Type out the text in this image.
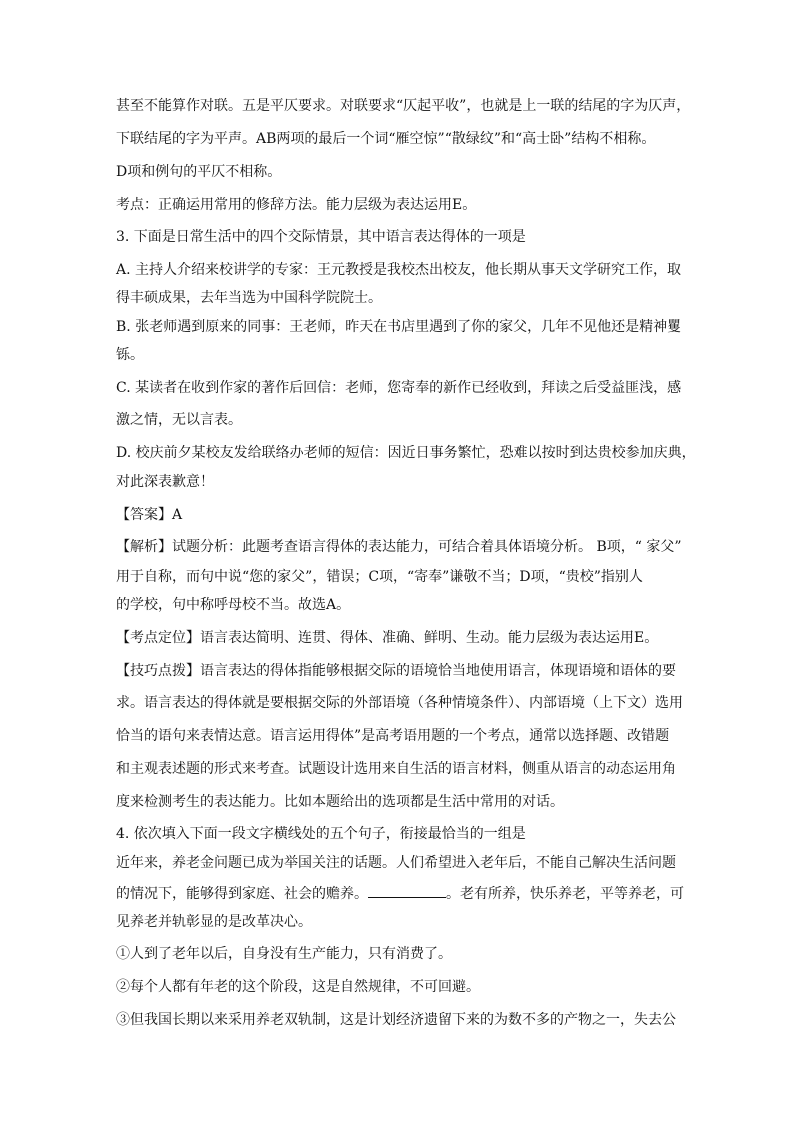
甚至不能算作对联。五是平仄要求。对联要求“仄起平收”，也就是上一联的结尾的字为仄声，
下联结尾的字为平声。AB两项的最后一个词“雁空惊”“散绿纹”和“高士卧”结构不相称。
D项和例句的平仄不相称。
考点：正确运用常用的修辞方法。能力层级为表达运用E。
3. 下面是日常生活中的四个交际情景，其中语言表达得体的一项是
A. 主持人介绍来校讲学的专家：王元教授是我校杰出校友，他长期从事天文学研究工作，取
得丰硕成果，去年当选为中国科学院院士。
B. 张老师遇到原来的同事：王老师，昨天在书店里遇到了你的家父，几年不见他还是精神矍
铄。
C. 某读者在收到作家的著作后回信：老师，您寄奉的新作已经收到，拜读之后受益匪浅，感
激之情，无以言表。
D. 校庆前夕某校友发给联络办老师的短信：因近日事务繁忙，恐难以按时到达贵校参加庆典，
对此深表歉意！
【答案】A
【解析】试题分析：此题考查语言得体的表达能力，可结合着具体语境分析。 B项，“ 家父”
用于自称，而句中说“您的家父”，错误；C项，“寄奉”谦敬不当；D项，“贵校”指别人
的学校，句中称呼母校不当。故选A。
【考点定位】语言表达简明、连贯、得体、准确、鲜明、生动。能力层级为表达运用E。
【技巧点拨】语言表达的得体指能够根据交际的语境恰当地使用语言，体现语境和语体的要
求。语言表达的得体就是要根据交际的外部语境（各种情境条件）、内部语境（上下文）选用
恰当的语句来表情达意。语言运用得体”是高考语用题的一个考点，通常以选择题、改错题
和主观表述题的形式来考查。试题设计选用来自生活的语言材料，侧重从语言的动态运用角
度来检测考生的表达能力。比如本题给出的选项都是生活中常用的对话。
4. 依次填入下面一段文字横线处的五个句子，衔接最恰当的一组是
近年来，养老金问题已成为举国关注的话题。人们希望进入老年后，不能自己解决生活问题
的情况下，能够得到家庭、社会的赡养。	。老有所养，快乐养老，平等养老，可
见养老并轨彰显的是改革决心。
①人到了老年以后，自身没有生产能力，只有消费了。
②每个人都有年老的这个阶段，这是自然规律，不可回避。
③但我国长期以来采用养老双轨制，这是计划经济遗留下来的为数不多的产物之一，失去公
